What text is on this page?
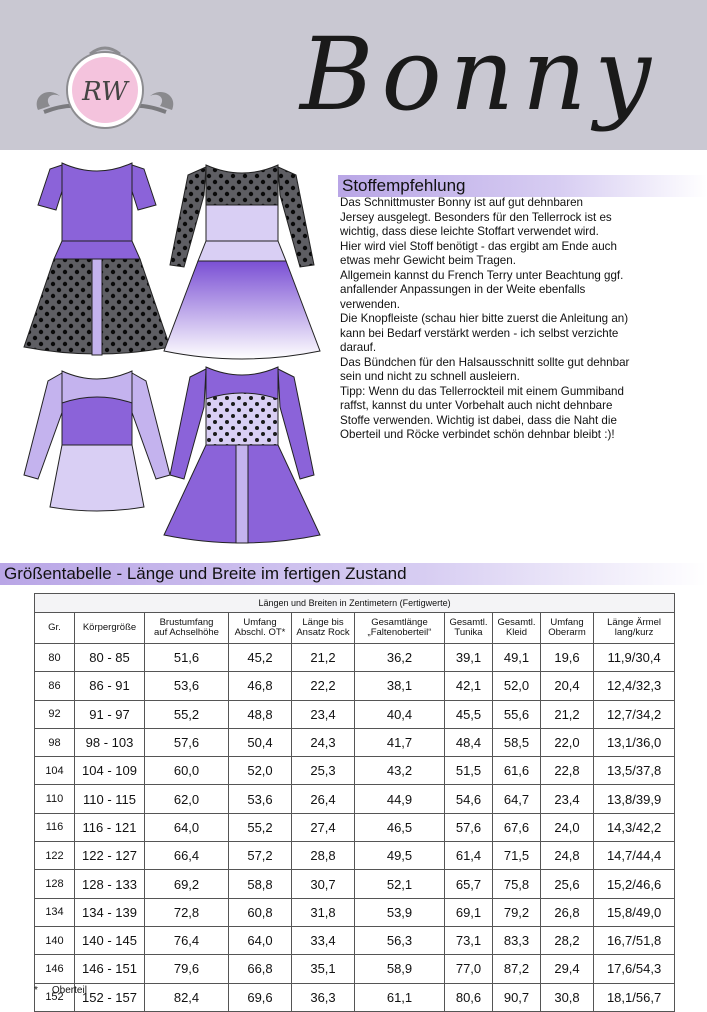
RW Bonny
Stoffempfehlung

Das Schnittmuster Bonny ist auf gut dehnbaren
Jersey ausgelegt. Besonders für den Tellerrock ist es
wichtig, dass diese leichte Stoffart verwendet wird.
Hier wird viel Stoff benötigt - das ergibt am Ende auch
etwas mehr Gewicht beim Tragen.

Allgemein kannst du French Terry unter Beachtung ggf.
anfallender Anpassungen in der Weite ebenfalls
verwenden.

Die Knopfleiste (schau hier bitte zuerst die Anleitung an)
kann bei Bedarf verstärkt werden - ich selbst verzichte
darauf.

Das Bündchen für den Halsausschnitt sollte gut dehnbar
sein und nicht zu schnell ausleiern.

Tipp: Wenn du das Tellerrockteil mit einem Gummiband
raffst, kannst du unter Vorbehalt auch nicht dehnbare
Stoffe verwenden. Wichtig ist dabei, dass die Naht die
Oberteil und Röcke verbindet schön dehnbar bleibt :)!

Größentabelle - Länge und Breite im fertigen Zustand
Längen und Breiten in Zentimetern (Fertigwerte)									
Gr.	Körpergröße	Brustumfang
auf Achselhöhe	Umfang
Abschl. OT*	Länge bis
Ansatz Rock	Gesamtlänge
„Faltenoberteil“	Gesamtl.
Tunika	Gesamtl.
Kleid	Umfang
Oberarm	Länge Ärmel
lang/kurz
80	80 - 85	51,6	45,2	21,2	36,2	39,1	49,1	19,6	11,9/30,4
86	86 - 91	53,6	46,8	22,2	38,1	42,1	52,0	20,4	12,4/32,3
92	91 - 97	55,2	48,8	23,4	40,4	45,5	55,6	21,2	12,7/34,2
98	98 - 103	57,6	50,4	24,3	41,7	48,4	58,5	22,0	13,1/36,0
104	104 - 109	60,0	52,0	25,3	43,2	51,5	61,6	22,8	13,5/37,8
110	110 - 115	62,0	53,6	26,4	44,9	54,6	64,7	23,4	13,8/39,9
116	116 - 121	64,0	55,2	27,4	46,5	57,6	67,6	24,0	14,3/42,2
122	122 - 127	66,4	57,2	28,8	49,5	61,4	71,5	24,8	14,7/44,4
128	128 - 133	69,2	58,8	30,7	52,1	65,7	75,8	25,6	15,2/46,6
134	134 - 139	72,8	60,8	31,8	53,9	69,1	79,2	26,8	15,8/49,0
140	140 - 145	76,4	64,0	33,4	56,3	73,1	83,3	28,2	16,7/51,8
146	146 - 151	79,6	66,8	35,1	58,9	77,0	87,2	29,4	17,6/54,3
152	152 - 157	82,4	69,6	36,3	61,1	80,6	90,7	30,8	18,1/56,7
* Oberteil
